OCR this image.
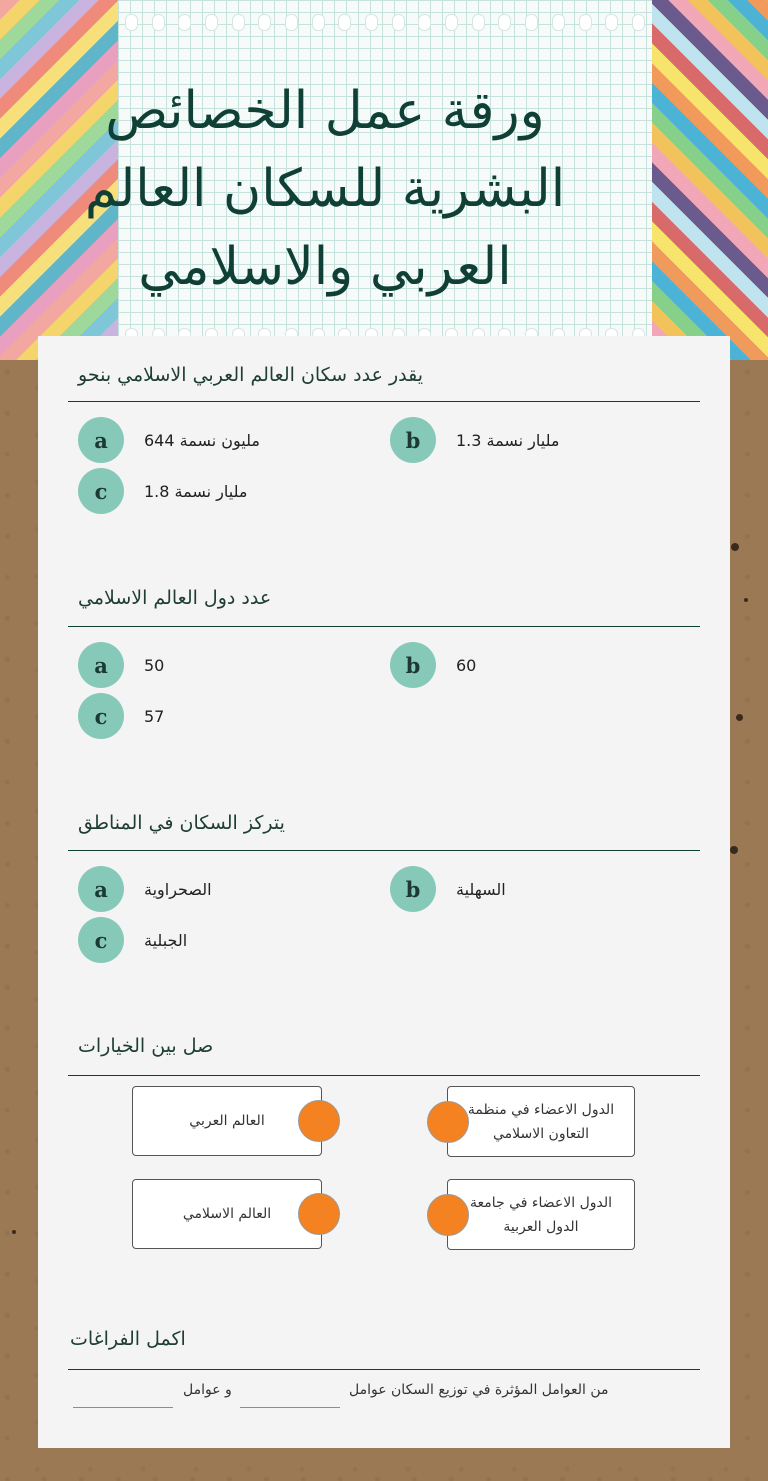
ورقة عمل الخصائص البشرية للسكان العالم العربي والاسلامي
يقدر عدد سكان العالم العربي الاسلامي بنحو
a	644 مليون نسمة	b	1.3 مليار نسمة
c	1.8 مليار نسمة
عدد دول العالم الاسلامي
a	50	b	60
c	57
يتركز السكان في المناطق
a	الصحراوية	b	السهلية
c	الجبلية
صل بين الخيارات
العالم العربي
الدول الاعضاء في منظمة التعاون الاسلامي
العالم الاسلامي
الدول الاعضاء في جامعة الدول العربية
اكمل الفراغات
من العوامل المؤثرة في توزيع السكان عوامل
و عوامل
